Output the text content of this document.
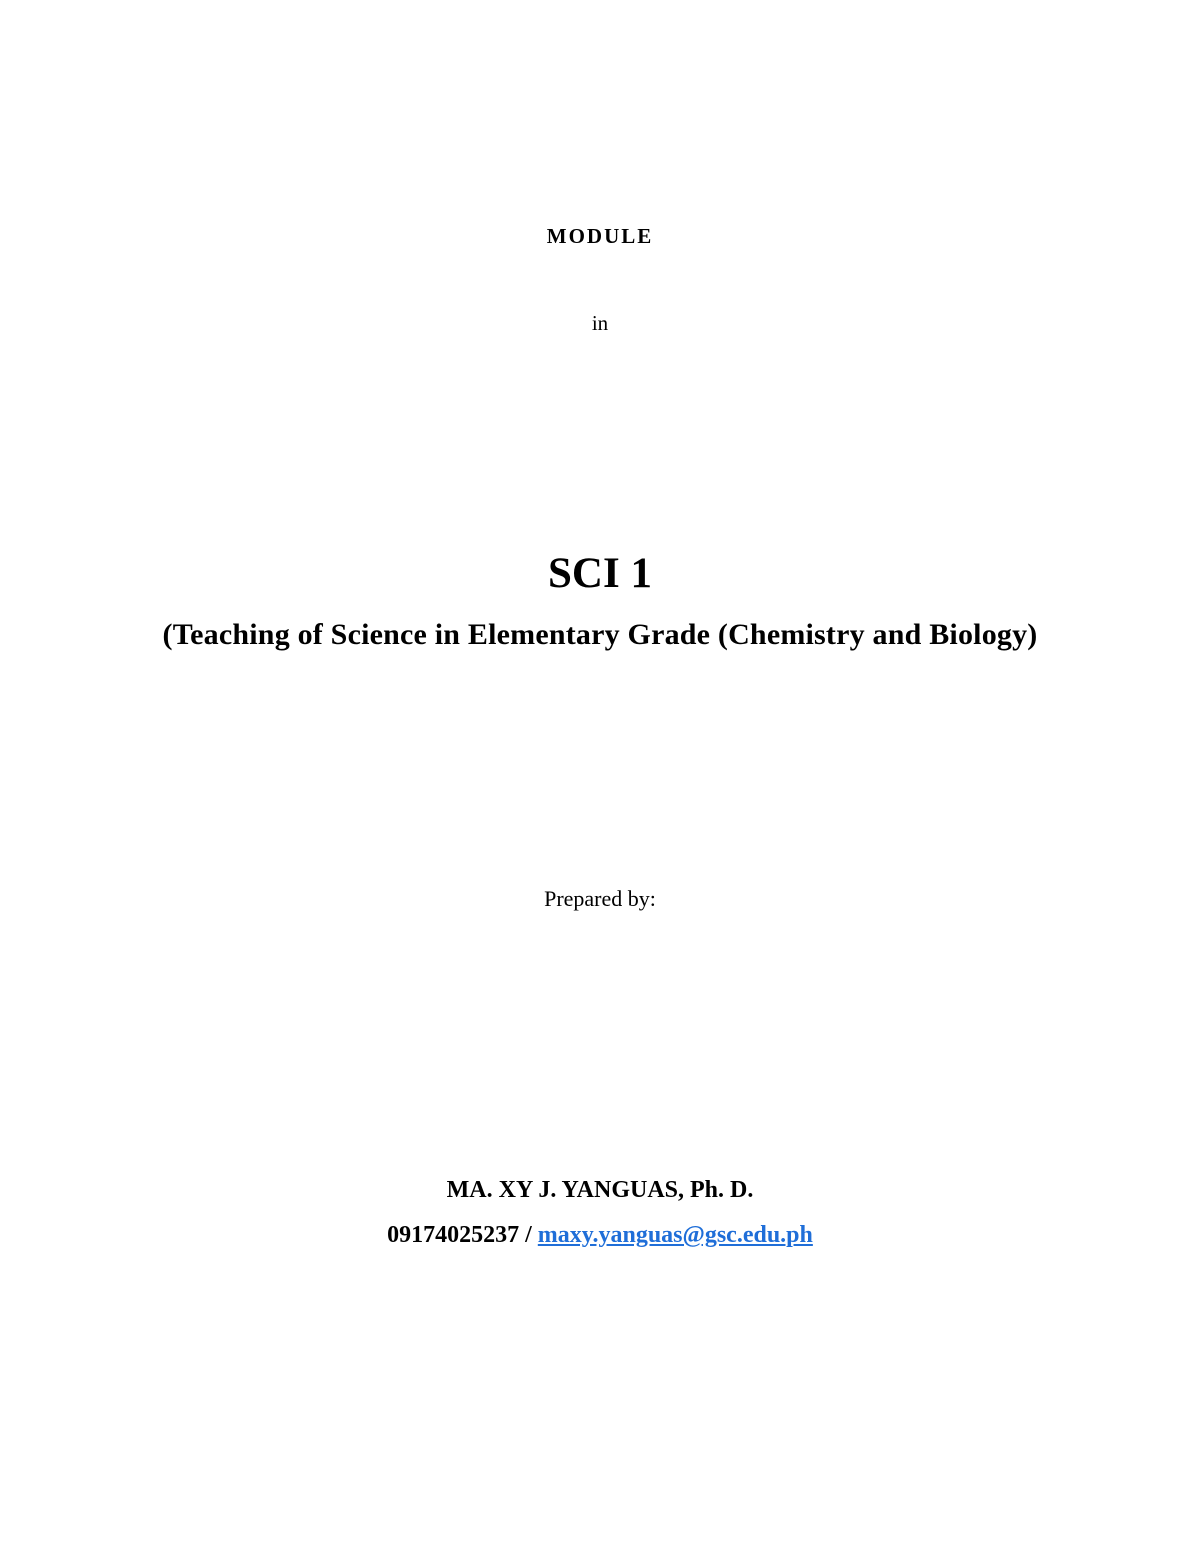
MODULE
in
SCI 1
(Teaching of Science in Elementary Grade (Chemistry and Biology)
Prepared by:
MA. XY J. YANGUAS, Ph. D.
09174025237 / maxy.yanguas@gsc.edu.ph
